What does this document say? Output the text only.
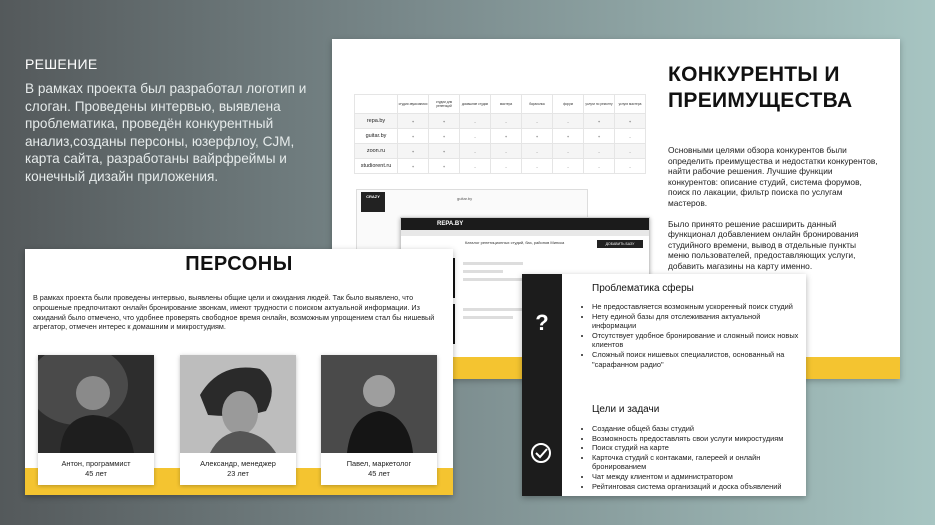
РЕШЕНИЕ
В рамках проекта был разработал логотип и слоган. Проведены интервью, выявлена проблематика, проведён конкурентный анализ,созданы персоны, юзерфлоу, CJM, карта сайта, разработаны вайрфреймы и конечный дизайн приложения.
	студии звукозаписи	студии для репетиций	домашние студии	мастера	барахолка	форум	услуги по ремонту	услуги мастера
repa.by	+	+	-	-	-	-	+	+
guitar.by	+	+	-	+	+	+	+	-
zoon.ru	+	+	-	-	-	-	-	-
studiorent.ru	+	+	-	-	-	-	-	-
CRAZY	guitar.by
REPA.BY
Каталог репетиционных студий, баз, районов Минска	ДОБАВИТЬ БАЗУ
КОНКУРЕНТЫ И ПРЕИМУЩЕСТВА

Основными целями обзора конкурентов были определить преимущества и недостатки конкурентов, найти рабочие решения. Лучшие функции конкурентов: описание студий, система форумов, поиск по лакации, фильтр поиска по услугам мастеров.

Было принято решение расширить данный функционал добавлением онлайн бронирования студийного времени, вывод в отдельные пункты меню пользователей, предоставляющих услуги, добавить магазины на карту именно.

ПЕРСОНЫ
В рамках проекта были проведены интервью, выявлены общие цели и ожидания людей. Так было выявлено, что опрошеные предпочитают онлайн бронирование звонкам, имеют трудности с поиском актуальной информации. Из ожиданий было отмечено, что удобнее проверять свободное время онлайн, возможным упрощением стал бы нишевый агрегатор, отмечен интерес к домашним и микростудиям.
Антон, программист
45 лет
Александр, менеджер
23 лет
Павел, маркетолог
45 лет
?
Проблематика сферы
• Не предоставляется возможным ускоренный поиск студий
• Нету единой базы для отслеживания актуальной информации
• Отсутствует удобное бронирование и сложный поиск новых клиентов
• Сложный поиск нишевых специалистов, основанный на "сарафанном радио"
Цели и задачи
• Создание общей базы студий
• Возможность предоставлять свои услуги микростудиям
• Поиск студий на карте
• Карточка студий с контаками, галереей и онлайн бронированием
• Чат между клиентом и администратором
• Рейтинговая система организаций и доска объявлений
